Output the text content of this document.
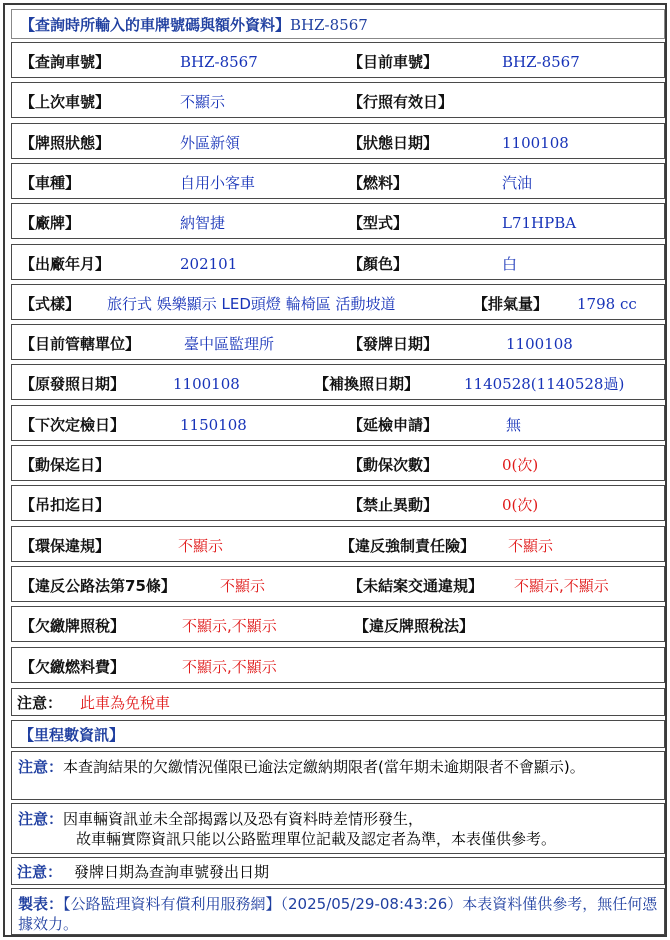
【查詢時所輸入的車牌號碼與額外資料】BHZ-8567
【查詢車號】	BHZ-8567	【目前車號】	BHZ-8567
【上次車號】	不顯示	【行照有效日】
【牌照狀態】	外區新領	【狀態日期】	1100108
【車種】	自用小客車	【燃料】	汽油
【廠牌】	納智捷	【型式】	L71HPBA
【出廠年月】	202101	【顏色】	白
【式樣】 旅行式 娛樂顯示 LED頭燈 輪椅區 活動坡道	【排氣量】 1798 cc
【目前管轄單位】	臺中區監理所	【發牌日期】	1100108
【原發照日期】	1100108	【補換照日期】	1140528(1140528過)
【下次定檢日】	1150108	【延檢申請】	無
【動保迄日】	【動保次數】	0(次)
【吊扣迄日】	【禁止異動】	0(次)
【環保違規】	不顯示	【違反強制責任險】 不顯示
【違反公路法第75條】	不顯示	【未結案交通違規】 不顯示,不顯示
【欠繳牌照稅】	不顯示,不顯示	【違反牌照稅法】
【欠繳燃料費】	不顯示,不顯示
注意： 此車為免稅車
【里程數資訊】
注意：本查詢結果的欠繳情況僅限已逾法定繳納期限者(當年期未逾期限者不會顯示)。
注意：因車輛資訊並未全部揭露以及恐有資料時差情形發生，
故車輛實際資訊只能以公路監理單位記載及認定者為準，本表僅供參考。
注意： 發牌日期為查詢車號發出日期
製表：【公路監理資料有償利用服務網】（2025/05/29-08:43:26）本表資料僅供參考，無任何憑據效力。
